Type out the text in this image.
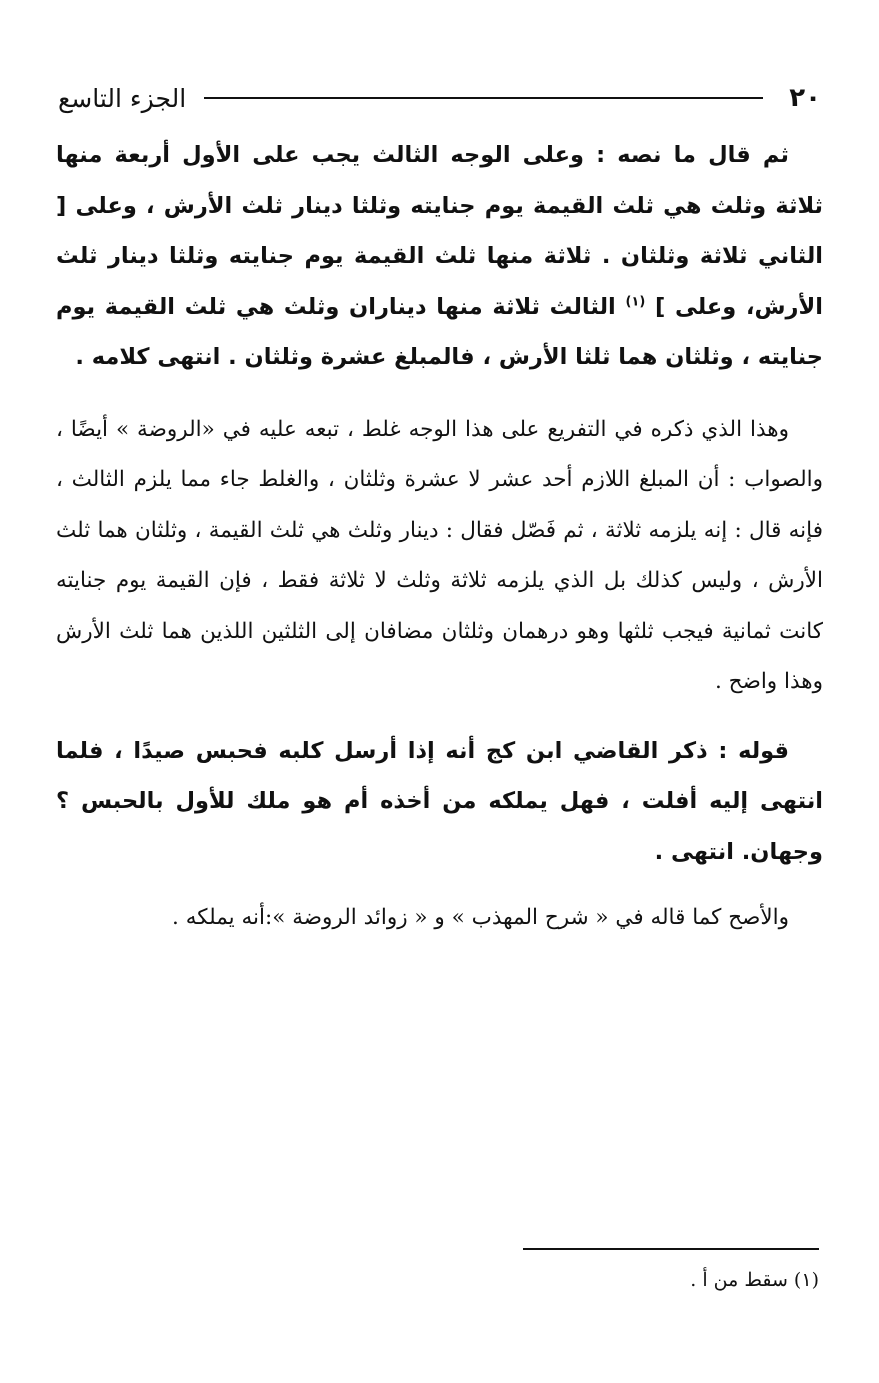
٢٠
الجزء التاسع

ثم قال ما نصه : وعلى الوجه الثالث يجب على الأول أربعة منها ثلاثة وثلث هي ثلث القيمة يوم جنايته وثلثا دينار ثلث الأرش ، وعلى [ الثاني ثلاثة وثلثان . ثلاثة منها ثلث القيمة يوم جنايته وثلثا دينار ثلث الأرش، وعلى ] $^{(١)}$ الثالث ثلاثة منها ديناران وثلث هي ثلث القيمة يوم جنايته ، وثلثان هما ثلثا الأرش ، فالمبلغ عشرة وثلثان . انتهى كلامه .

وهذا الذي ذكره في التفريع على هذا الوجه غلط ، تبعه عليه في «الروضة » أيضًا ، والصواب : أن المبلغ اللازم أحد عشر لا عشرة وثلثان ، والغلط جاء مما يلزم الثالث ، فإنه قال : إنه يلزمه ثلاثة ، ثم فَصّل فقال : دينار وثلث هي ثلث القيمة ، وثلثان هما ثلث الأرش ، وليس كذلك بل الذي يلزمه ثلاثة وثلث لا ثلاثة فقط ، فإن القيمة يوم جنايته كانت ثمانية فيجب ثلثها وهو درهمان وثلثان مضافان إلى الثلثين اللذين هما ثلث الأرش وهذا واضح .

قوله : ذكر القاضي ابن كج أنه إذا أرسل كلبه فحبس صيدًا ، فلما انتهى إليه أفلت ، فهل يملكه من أخذه أم هو ملك للأول بالحبس ؟ وجهان. انتهى .

والأصح كما قاله في « شرح المهذب » و « زوائد الروضة »:أنه يملكه .

(١) سقط من أ .
